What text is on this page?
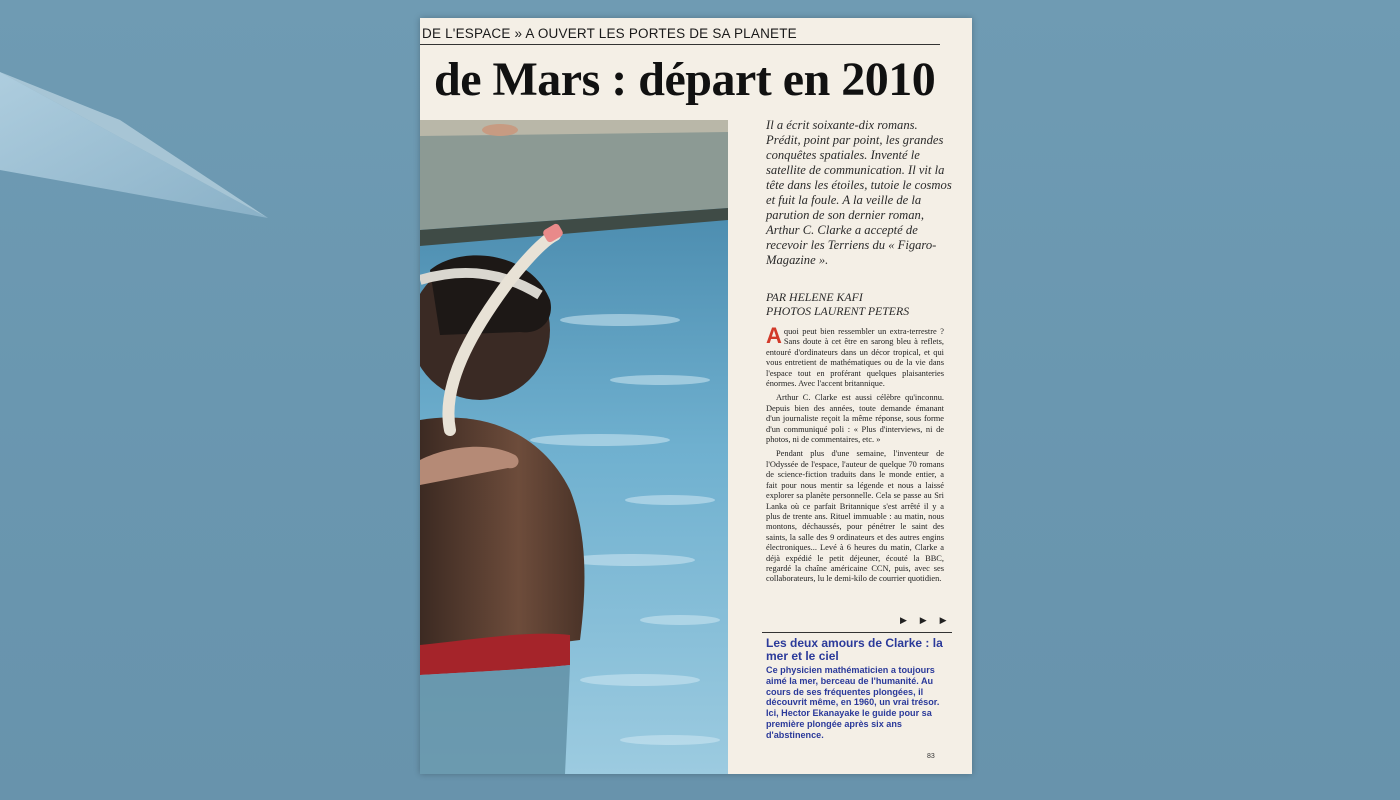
DE L'ESPACE » A OUVERT LES PORTES DE SA PLANETE
de Mars : départ en 2010
Il a écrit soixante-dix romans. Prédit, point par point, les grandes conquêtes spatiales. Inventé le satellite de communication. Il vit la tête dans les étoiles, tutoie le cosmos et fuit la foule. A la veille de la parution de son dernier roman, Arthur C. Clarke a accepté de recevoir les Terriens du « Figaro-Magazine ».
PAR HELENE KAFI
PHOTOS LAURENT PETERS

Aquoi peut bien ressembler un extra-terrestre ? Sans doute à cet être en sarong bleu à reflets, entouré d'ordinateurs dans un décor tropical, et qui vous entretient de mathématiques ou de la vie dans l'espace tout en proférant quelques plaisanteries énormes. Avec l'accent britannique.

Arthur C. Clarke est aussi célèbre qu'inconnu. Depuis bien des années, toute demande émanant d'un journaliste reçoit la même réponse, sous forme d'un communiqué poli : « Plus d'interviews, ni de photos, ni de commentaires, etc. »

Pendant plus d'une semaine, l'inventeur de l'Odyssée de l'espace, l'auteur de quelque 70 romans de science-fiction traduits dans le monde entier, a fait pour nous mentir sa légende et nous a laissé explorer sa planète personnelle. Cela se passe au Sri Lanka où ce parfait Britannique s'est arrêté il y a plus de trente ans. Rituel immuable : au matin, nous montons, déchaussés, pour pénétrer le saint des saints, la salle des 9 ordinateurs et des autres engins électroniques... Levé à 6 heures du matin, Clarke a déjà expédié le petit déjeuner, écouté la BBC, regardé la chaîne américaine CCN, puis, avec ses collaborateurs, lu le demi-kilo de courrier quotidien.

▶ ▶ ▶
Les deux amours de Clarke : la mer et le ciel
Ce physicien mathématicien a toujours aimé la mer, berceau de l'humanité. Au cours de ses fréquentes plongées, il découvrit même, en 1960, un vrai trésor. Ici, Hector Ekanayake le guide pour sa première plongée après six ans d'abstinence.
83
